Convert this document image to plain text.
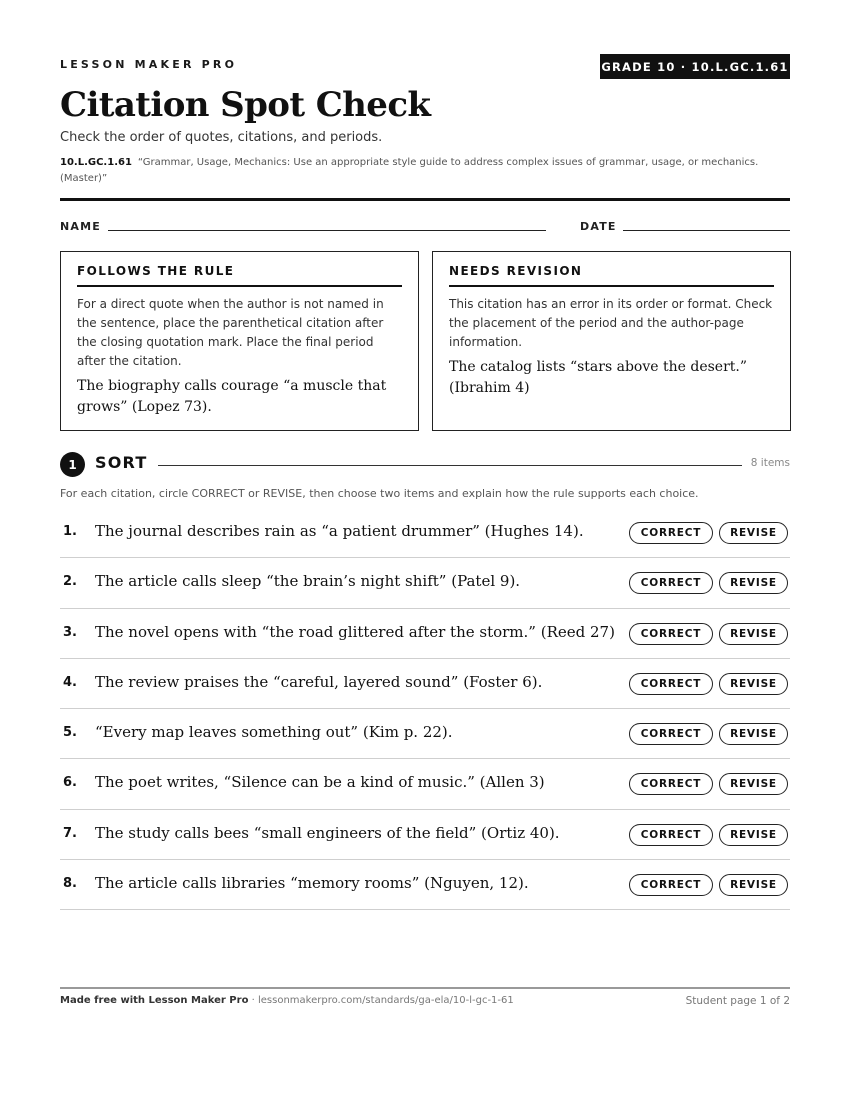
LESSON MAKER PRO	GRADE 10 · 10.L.GC.1.61
Citation Spot Check
Check the order of quotes, citations, and periods.
10.L.GC.1.61 “Grammar, Usage, Mechanics: Use an appropriate style guide to address complex issues of grammar, usage, or mechanics. (Master)”
NAME	DATE
FOLLOWS THE RULE
For a direct quote when the author is not named in the sentence, place the parenthetical citation after the closing quotation mark. Place the final period after the citation.
The biography calls courage “a muscle that grows” (Lopez 73).
NEEDS REVISION
This citation has an error in its order or format. Check the placement of the period and the author-page information.
The catalog lists “stars above the desert.” (Ibrahim 4)
1	SORT	8 items
For each citation, circle CORRECT or REVISE, then choose two items and explain how the rule supports each choice.
1. The journal describes rain as “a patient drummer” (Hughes 14).	CORRECT	REVISE
2. The article calls sleep “the brain’s night shift” (Patel 9).	CORRECT	REVISE
3. The novel opens with “the road glittered after the storm.” (Reed 27)	CORRECT	REVISE
4. The review praises the “careful, layered sound” (Foster 6).	CORRECT	REVISE
5. “Every map leaves something out” (Kim p. 22).	CORRECT	REVISE
6. The poet writes, “Silence can be a kind of music.” (Allen 3)	CORRECT	REVISE
7. The study calls bees “small engineers of the field” (Ortiz 40).	CORRECT	REVISE
8. The article calls libraries “memory rooms” (Nguyen, 12).	CORRECT	REVISE
Made free with Lesson Maker Pro · lessonmakerpro.com/standards/ga-ela/10-l-gc-1-61	Student page 1 of 2
